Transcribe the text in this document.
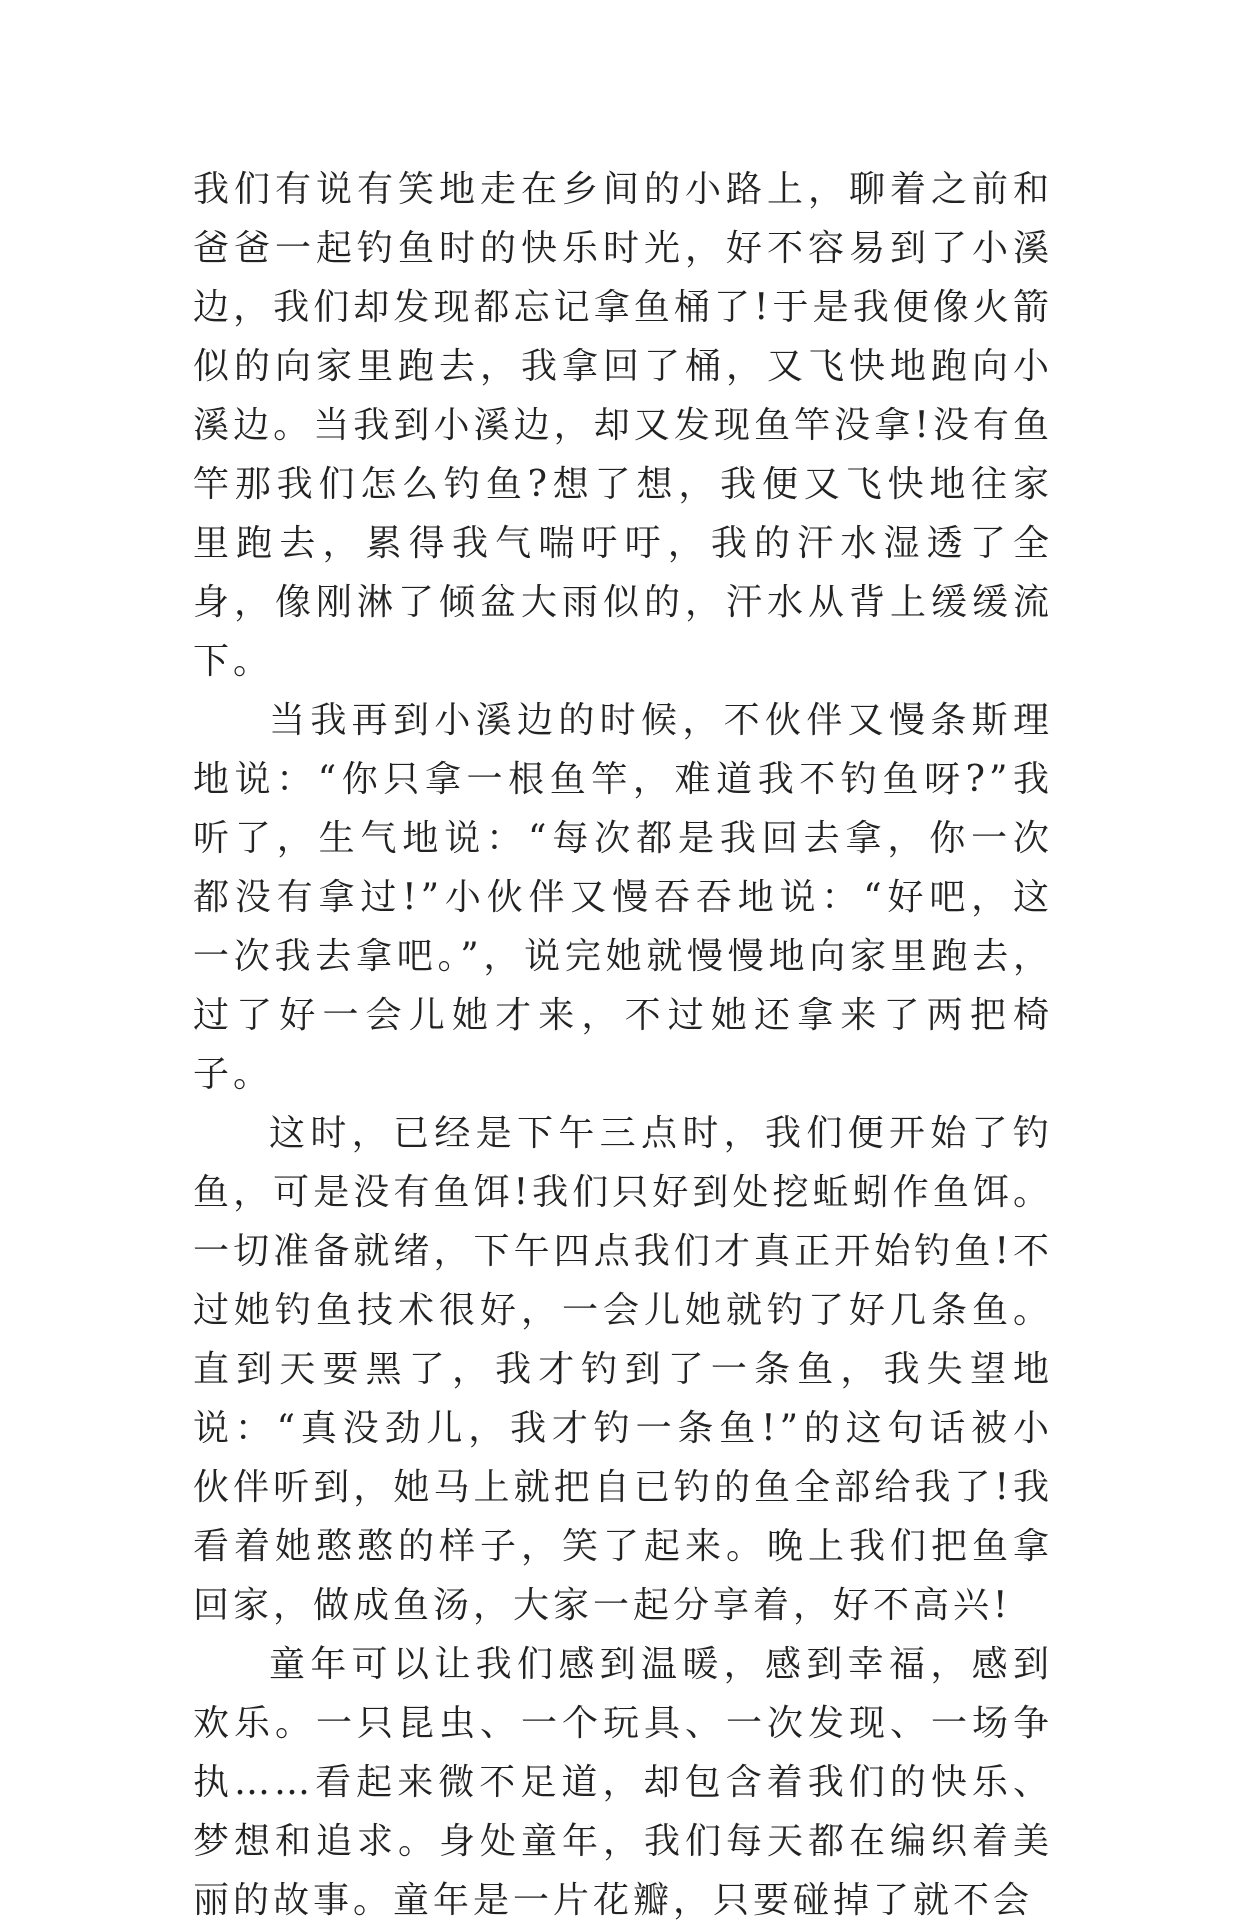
我们有说有笑地走在乡间的小路上，聊着之前和爸爸一起钓鱼时的快乐时光，好不容易到了小溪边，我们却发现都忘记拿鱼桶了!于是我便像火箭似的向家里跑去，我拿回了桶，又飞快地跑向小溪边。当我到小溪边，却又发现鱼竿没拿!没有鱼竿那我们怎么钓鱼?想了想，我便又飞快地往家里跑去，累得我气喘吁吁，我的汗水湿透了全身，像刚淋了倾盆大雨似的，汗水从背上缓缓流下。

当我再到小溪边的时候，不伙伴又慢条斯理地说：“你只拿一根鱼竿，难道我不钓鱼呀?”我听了，生气地说：“每次都是我回去拿，你一次都没有拿过!”小伙伴又慢吞吞地说：“好吧，这一次我去拿吧。”，说完她就慢慢地向家里跑去，过了好一会儿她才来，不过她还拿来了两把椅子。

这时，已经是下午三点时，我们便开始了钓鱼，可是没有鱼饵!我们只好到处挖蚯蚓作鱼饵。一切准备就绪，下午四点我们才真正开始钓鱼!不过她钓鱼技术很好，一会儿她就钓了好几条鱼。直到天要黑了，我才钓到了一条鱼，我失望地说：“真没劲儿，我才钓一条鱼!”的这句话被小伙伴听到，她马上就把自已钓的鱼全部给我了!我看着她憨憨的样子，笑了起来。晚上我们把鱼拿回家，做成鱼汤，大家一起分享着，好不高兴!

童年可以让我们感到温暖，感到幸福，感到欢乐。一只昆虫、一个玩具、一次发现、一场争执……看起来微不足道，却包含着我们的快乐、梦想和追求。身处童年，我们每天都在编织着美丽的故事。童年是一片花瓣，只要碰掉了就不会
